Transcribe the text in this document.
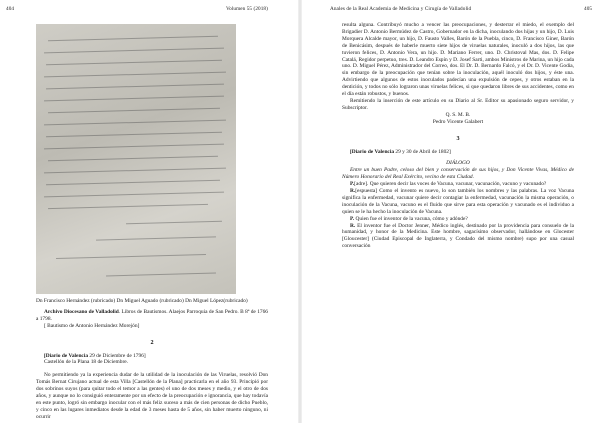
404	Volumen 55 (2018)

Dn Francisco Hernández (rubricado) Dn Miguel Aguado (rubricado) Dn Miguel López(rubricado)

Archivo Diocesano de Valladolid. Libros de Bautismos. Alaejos Parroquia de San Pedro. B 8ª de 1766 a 1798.

[ Bautismo de Antonio Hernández Morejón]

2

[Diario de Valencia 29 de Diciembre de 1796]

Castellón de la Plana 18 de Diciembre.

No permitiendo ya la experiencia dudar de la utilidad de la inoculación de las Viruelas, resolvió Don Tomás Bernat Cirujano actual de esta Villa [Castellón de la Plana] practicarla en el año 93. Principió por dos sobrinos suyos (para quitar todo el temor a las gentes) el uno de dos meses y medio, y el otro de dos años, y aunque no lo consiguió enteramente por un efecto de la preocupación e ignorancia, que hay todavía en este punto, logró sin embargo inocular con el más feliz suceso a más de cien personas de dicho Pueblo, y cinco en las lugares inmediatos desde la edad de 3 meses hasta de 5 años, sin haber muerto ninguno, ni ocurrir

Anales de la Real Academia de Medicina y Cirugía de Valladolid	405

resulta alguna. Contribuyó mucho a vencer las preocupaciones, y desterrar el miedo, el exemplo del Brigadier D. Antonio Bermúdez de Castro, Gobernador en la dicha, inoculando dos hijas y un hijo, D. Luis Morquera Alcalde mayor, un hijo, D. Fausto Valles, Barón de la Puebla, cinco, D. Francisco Giner, Barón de Benicásim, después de haberle muerto siete hijos de viruelas naturales, inoculó a dos hijos, las que tuvieron felices, D. Antonio Vera, un hijo. D. Mariano Ferrer, uno. D. Christoval Mas, dos. D. Felipe Catalá, Regidor perpetuo, tres. D. Leandro Espín y D. Josef Sarti, ambos Ministros de Marina, un hijo cada uno. D. Miguel Pérez, Administrador del Correo, dos. El Dr. D. Bernardo Falcó, y el Dr. D. Vicente Godia, sin embargo de la preocupación que tenían sobre la inoculación, aquél inoculó dos hijos, y éste una. Advirtiendo que algunos de estos inoculados padecían una expulsión de cepes, y otros estaban en la dentición, y todos no sólo lograron unas viruelas felices, si que quedaron libres de sus accidentes, como en el día están robustos, y buenos.

Remitiendo la inserción de este artículo en su Diario al Sr. Editor su apasionado seguro servidor, y Subscriptor.

Q. S. M. B.

Pedro Vicente Galabert

3

[Diario de Valencia 29 y 30 de Abril de 1802]

DIÁLOGO

Entre un buen Padre, celoso del bien y conservación de sus hijos, y Don Vicente Vivas, Médico de Número Honorario del Real Exército, vecino de esta Ciudad.

P.[adre]. Que quieren decir las voces de Vacuna, vacunar, vacunación, vacuno y vacunado?

R.[espuesta] Como el invento es nuevo, lo son también los nombres y las palabras. La voz Vacuna significa la enfermedad, vacunar quiere decir contagiar la enfermedad, vacunación la misma operación, o inoculación de la Vacuna, vacuno es el fluido que sirve para esta operación y vacunado es el individuo a quien se le ha hecho la inoculación de Vacuna.

P. Quien fue el inventor de la vacuna, cómo y adónde?

R. El inventor fue el Doctor Jenner, Médico inglés, destinado por la providencia para consuelo de la humanidad, y honor de la Medicina. Este hombre, sagacísimo observador, hallándose en Glocester [Gloucester] (Ciudad Episcopal de Inglaterra, y Condado del mismo nombre) supo por una casual conversación
